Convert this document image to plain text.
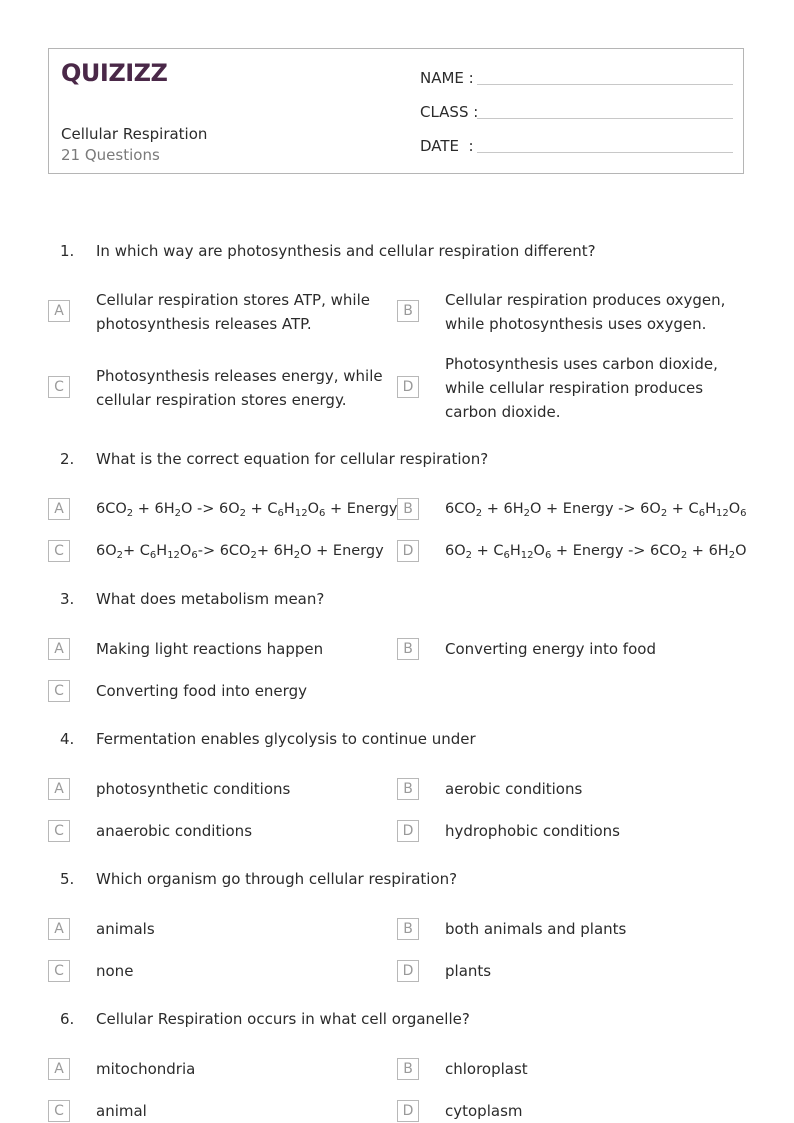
QUIZIZZ
Cellular Respiration
21 Questions
NAME :
CLASS :
DATE  :
1. In which way are photosynthesis and cellular respiration different?
A
Cellular respiration stores ATP, while photosynthesis releases ATP.
B
Cellular respiration produces oxygen, while photosynthesis uses oxygen.
C
Photosynthesis releases energy, while cellular respiration stores energy.
D
Photosynthesis uses carbon dioxide, while cellular respiration produces carbon dioxide.
2. What is the correct equation for cellular respiration?
A	$6CO_2 + 6H_2O -> 6O_2 + C_6H_{12}O_6$ + Energy B	$6CO_2 + 6H_2O$ + Energy -> $6O_2 + C_6H_{12}O_6$
C	$6O_2+ C_6H_{12}O_6-> 6CO_2+ 6H_2O$ + Energy	D	$6O_2 + C_6H_{12}O_6$ + Energy -> $6CO_2 + 6H_2O$
3. What does metabolism mean?
A	Making light reactions happen	B	Converting energy into food
C	Converting food into energy
4. Fermentation enables glycolysis to continue under
A	photosynthetic conditions	B	aerobic conditions
C	anaerobic conditions	D	hydrophobic conditions
5. Which organism go through cellular respiration?
A	animals	B	both animals and plants
C	none	D	plants
6. Cellular Respiration occurs in what cell organelle?
A	mitochondria	B	chloroplast
C	animal	D	cytoplasm
